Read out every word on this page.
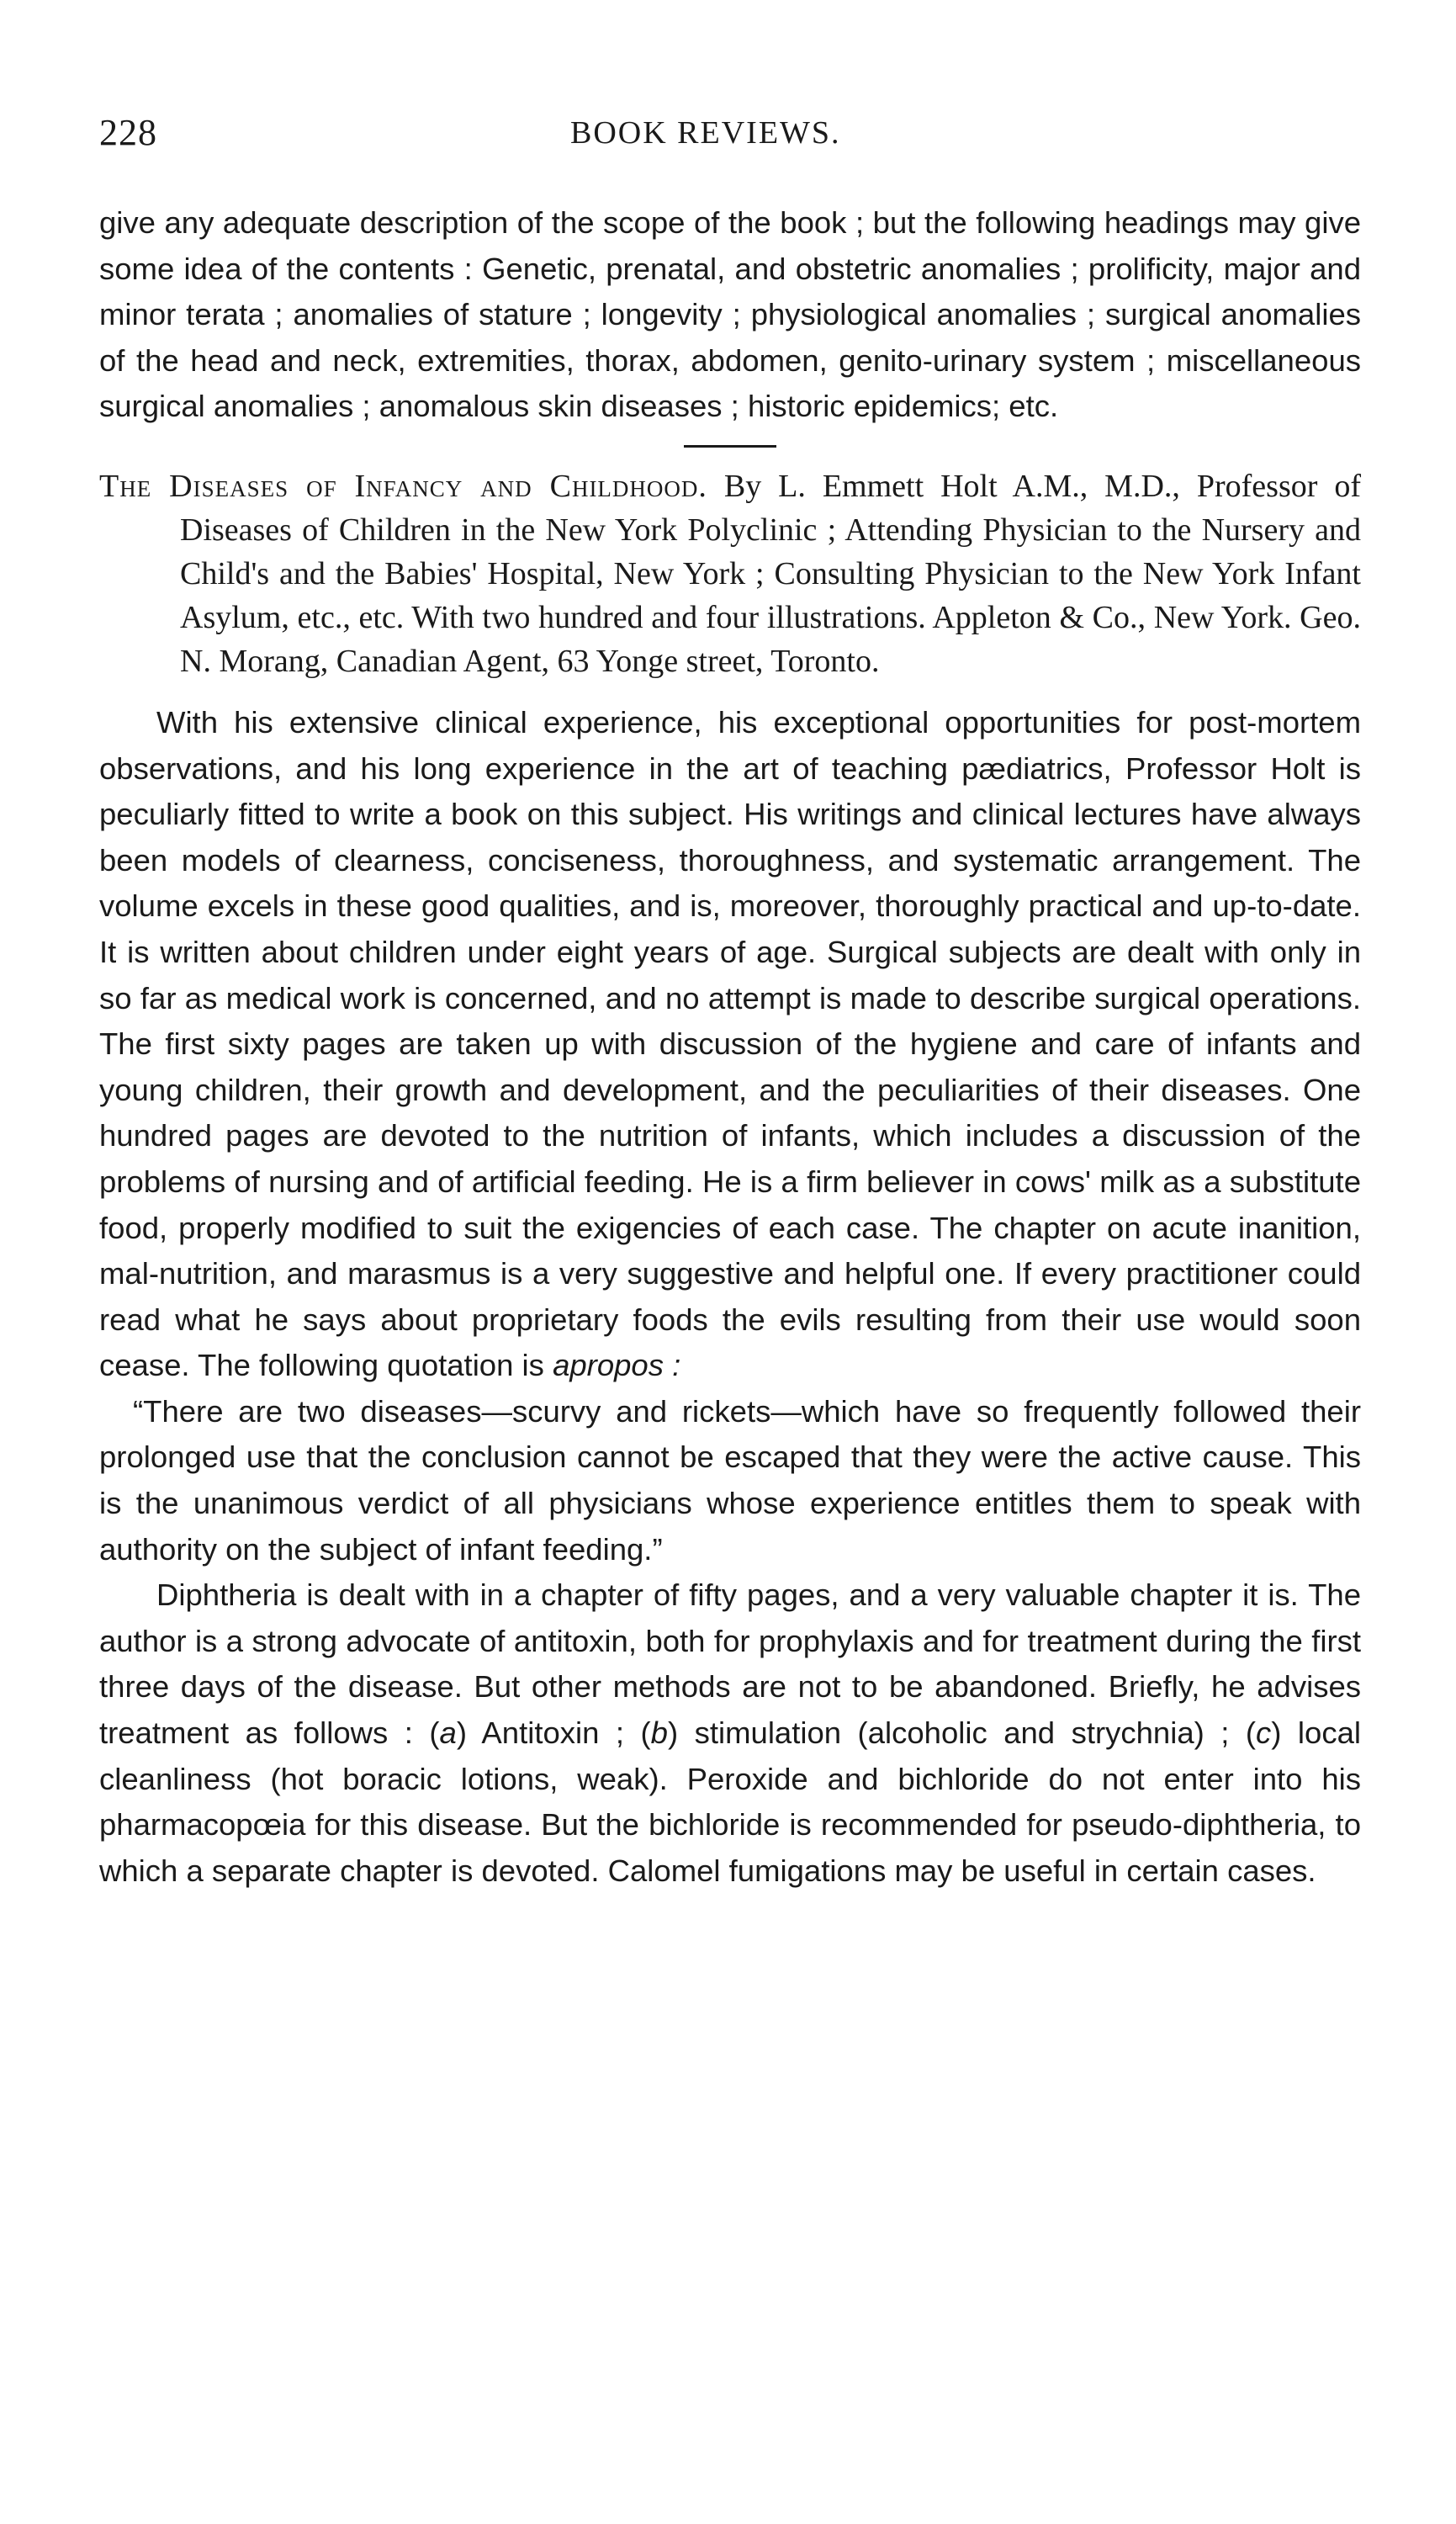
228	BOOK REVIEWS.

give any adequate description of the scope of the book ; but the following headings may give some idea of the contents : Genetic, prenatal, and obstetric anomalies ; prolificity, major and minor terata ; anomalies of stature ; longevity ; physiological anomalies ; surgical anomalies of the head and neck, extremities, thorax, abdomen, genito-urinary system ; miscellaneous surgical anomalies ; anomalous skin diseases ; historic epidemics; etc.

The Diseases of Infancy and Childhood. By L. Emmett Holt A.M., M.D., Professor of Diseases of Children in the New York Polyclinic ; Attending Physician to the Nursery and Child's and the Babies' Hospital, New York ; Consulting Physician to the New York Infant Asylum, etc., etc. With two hundred and four illustrations. Appleton & Co., New York. Geo. N. Morang, Canadian Agent, 63 Yonge street, Toronto.

With his extensive clinical experience, his exceptional opportunities for post-mortem observations, and his long experience in the art of teaching pædiatrics, Professor Holt is peculiarly fitted to write a book on this subject. His writings and clinical lectures have always been models of clearness, conciseness, thoroughness, and systematic arrangement. The volume excels in these good qualities, and is, moreover, thoroughly practical and up-to-date. It is written about children under eight years of age. Surgical subjects are dealt with only in so far as medical work is concerned, and no attempt is made to describe surgical operations. The first sixty pages are taken up with discussion of the hygiene and care of infants and young children, their growth and development, and the peculiarities of their diseases. One hundred pages are devoted to the nutrition of infants, which includes a discussion of the problems of nursing and of artificial feeding. He is a firm believer in cows' milk as a substitute food, properly modified to suit the exigencies of each case. The chapter on acute inanition, mal-nutrition, and marasmus is a very suggestive and helpful one. If every practitioner could read what he says about proprietary foods the evils resulting from their use would soon cease. The following quotation is apropos :

“There are two diseases—scurvy and rickets—which have so frequently followed their prolonged use that the conclusion cannot be escaped that they were the active cause. This is the unanimous verdict of all physicians whose experience entitles them to speak with authority on the subject of infant feeding.”

Diphtheria is dealt with in a chapter of fifty pages, and a very valuable chapter it is. The author is a strong advocate of antitoxin, both for prophylaxis and for treatment during the first three days of the disease. But other methods are not to be abandoned. Briefly, he advises treatment as follows : (a) Antitoxin ; (b) stimulation (alcoholic and strychnia) ; (c) local cleanliness (hot boracic lotions, weak). Peroxide and bichloride do not enter into his pharmacopœia for this disease. But the bichloride is recommended for pseudo-diphtheria, to which a separate chapter is devoted. Calomel fumigations may be useful in certain cases.
